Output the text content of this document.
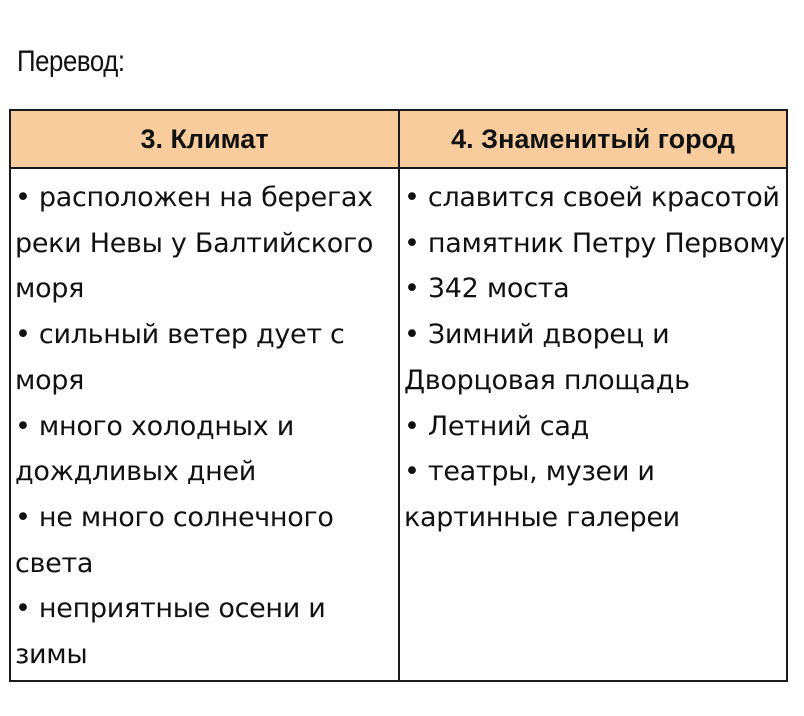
Перевод:
3. Климат	4. Знаменитый город
• расположен на берегах реки Невы у Балтийского моря
• сильный ветер дует с моря
• много холодных и дождливых дней
• не много солнечного света
• неприятные осени и зимы
• славится своей красотой
• памятник Петру Первому
• 342 моста
• Зимний дворец и Дворцовая площадь
• Летний сад
• театры, музеи и картинные галереи
